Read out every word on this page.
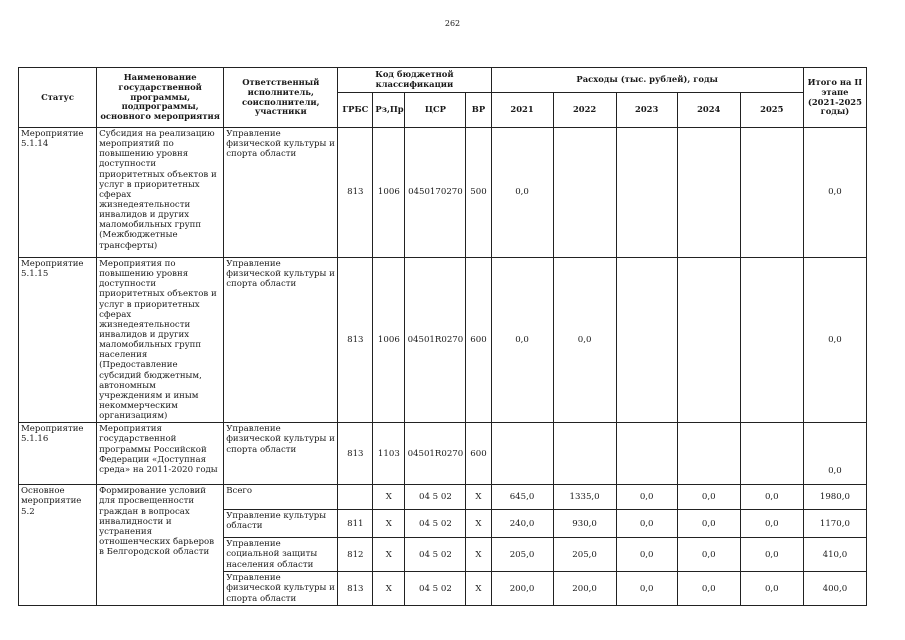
262
Статус	Наименование государственной программы, подпрограммы, основного мероприятия	Ответственный исполнитель, соисполнители, участники	Код бюджетной классификации				Расходы (тыс. рублей), годы					Итого на II этапе (2021-2025 годы)
			ГРБС	Рз,Пр	ЦСР	ВР	2021	2022	2023	2024	2025	
Мероприятие 5.1.14	Субсидия на реализацию мероприятий по повышению уровня доступности приоритетных объектов и услуг в приоритетных сферах жизнедеятельности инвалидов и других маломобильных групп (Межбюджетные трансферты)	Управление физической культуры и спорта области	813	1006	0450170270	500	0,0					0,0
Мероприятие 5.1.15	Мероприятия по повышению уровня доступности приоритетных объектов и услуг в приоритетных сферах жизнедеятельности инвалидов и других маломобильных групп населения (Предоставление субсидий бюджетным, автономным учреждениям и иным некоммерческим организациям)	Управление физической культуры и спорта области	813	1006	04501R0270	600	0,0	0,0				0,0
Мероприятие 5.1.16	Мероприятия государственной программы Российской Федерации «Доступная среда» на 2011-2020 годы	Управление физической культуры и спорта области	813	1103	04501R0270	600						0,0
Основное мероприятие 5.2	Формирование условий для просвещенности граждан в вопросах инвалидности и устранения отношенческих барьеров в Белгородской области	Всего		Х	04 5 02	Х	645,0	1335,0	0,0	0,0	0,0	1980,0
		Управление культуры области	811	Х	04 5 02	Х	240,0	930,0	0,0	0,0	0,0	1170,0
		Управление социальной защиты населения области	812	Х	04 5 02	Х	205,0	205,0	0,0	0,0	0,0	410,0
		Управление физической культуры и спорта области	813	Х	04 5 02	Х	200,0	200,0	0,0	0,0	0,0	400,0
